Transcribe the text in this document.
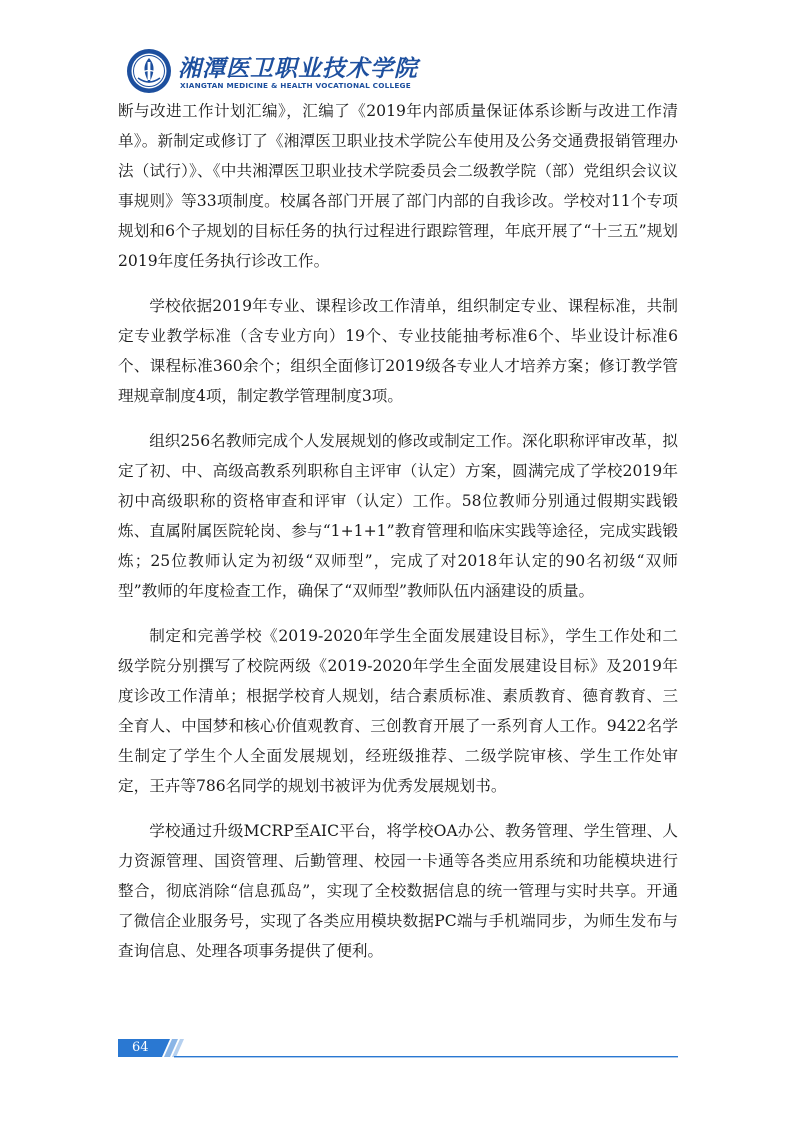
湘潭医卫职业技术学院
XIANGTAN MEDICINE & HEALTH VOCATIONAL COLLEGE

断与改进工作计划汇编》，汇编了《2019年内部质量保证体系诊断与改进工作清单》。新制定或修订了《湘潭医卫职业技术学院公车使用及公务交通费报销管理办法（试行）》、《中共湘潭医卫职业技术学院委员会二级教学院（部）党组织会议议事规则》等33项制度。校属各部门开展了部门内部的自我诊改。学校对11个专项规划和6个子规划的目标任务的执行过程进行跟踪管理，年底开展了“十三五”规划2019年度任务执行诊改工作。

学校依据2019年专业、课程诊改工作清单，组织制定专业、课程标准，共制定专业教学标准（含专业方向）19个、专业技能抽考标准6个、毕业设计标准6个、课程标准360余个；组织全面修订2019级各专业人才培养方案；修订教学管理规章制度4项，制定教学管理制度3项。

组织256名教师完成个人发展规划的修改或制定工作。深化职称评审改革，拟定了初、中、高级高教系列职称自主评审（认定）方案，圆满完成了学校2019年初中高级职称的资格审查和评审（认定）工作。58位教师分别通过假期实践锻炼、直属附属医院轮岗、参与“1+1+1”教育管理和临床实践等途径，完成实践锻炼；25位教师认定为初级“双师型”，完成了对2018年认定的90名初级“双师型”教师的年度检查工作，确保了“双师型”教师队伍内涵建设的质量。

制定和完善学校《2019-2020年学生全面发展建设目标》，学生工作处和二级学院分别撰写了校院两级《2019-2020年学生全面发展建设目标》及2019年度诊改工作清单；根据学校育人规划，结合素质标准、素质教育、德育教育、三全育人、中国梦和核心价值观教育、三创教育开展了一系列育人工作。9422名学生制定了学生个人全面发展规划，经班级推荐、二级学院审核、学生工作处审定，王卉等786名同学的规划书被评为优秀发展规划书。

学校通过升级MCRP至AIC平台，将学校OA办公、教务管理、学生管理、人力资源管理、国资管理、后勤管理、校园一卡通等各类应用系统和功能模块进行整合，彻底消除“信息孤岛”，实现了全校数据信息的统一管理与实时共享。开通了微信企业服务号，实现了各类应用模块数据PC端与手机端同步，为师生发布与查询信息、处理各项事务提供了便利。

64
